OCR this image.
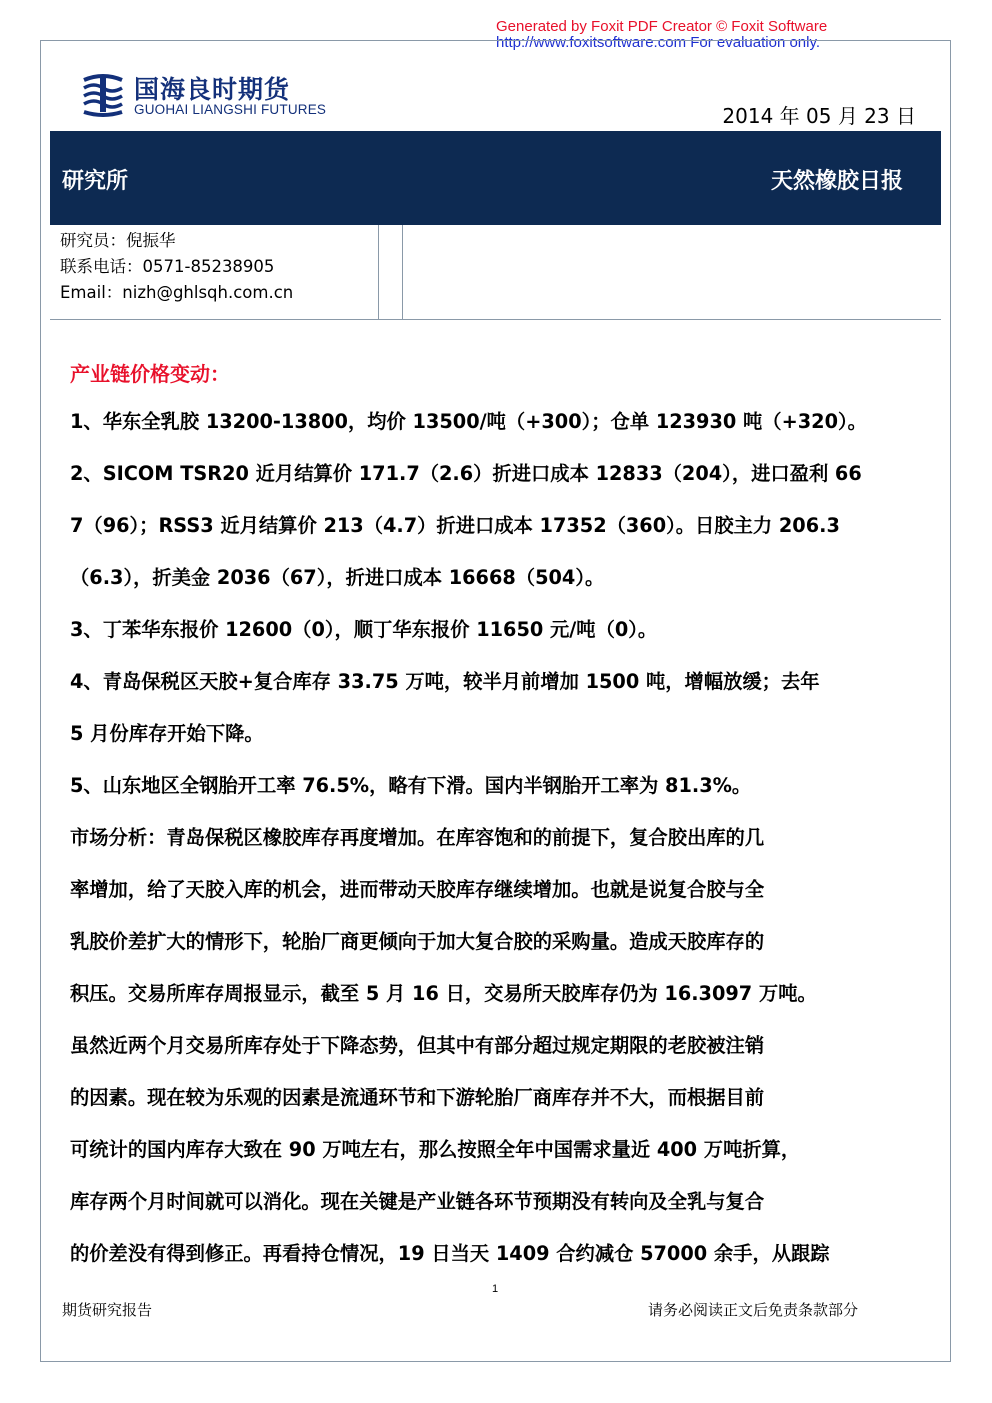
Generated by Foxit PDF Creator © Foxit Software
http://www.foxitsoftware.com For evaluation only.
国海良时期货
GUOHAI LIANGSHI FUTURES	2014 年 05 月 23 日
研究所	天然橡胶日报
研究员：倪振华
联系电话：0571-85238905
Email：nizh@ghlsqh.com.cn
产业链价格变动：
1、华东全乳胶 13200-13800，均价 13500/吨（+300）；仓单 123930 吨（+320）。
2、SICOM TSR20 近月结算价 171.7（2.6）折进口成本 12833（204），进口盈利 66
7（96）；RSS3 近月结算价 213（4.7）折进口成本 17352（360）。日胶主力 206.3
（6.3），折美金 2036（67），折进口成本 16668（504）。
3、丁苯华东报价 12600（0），顺丁华东报价 11650 元/吨（0）。
4、青岛保税区天胶+复合库存 33.75 万吨，较半月前增加 1500 吨，增幅放缓；去年
5 月份库存开始下降。
5、山东地区全钢胎开工率 76.5%，略有下滑。国内半钢胎开工率为 81.3%。
市场分析：青岛保税区橡胶库存再度增加。在库容饱和的前提下，复合胶出库的几
率增加，给了天胶入库的机会，进而带动天胶库存继续增加。也就是说复合胶与全
乳胶价差扩大的情形下，轮胎厂商更倾向于加大复合胶的采购量。造成天胶库存的
积压。交易所库存周报显示，截至 5 月 16 日，交易所天胶库存仍为 16.3097 万吨。
虽然近两个月交易所库存处于下降态势，但其中有部分超过规定期限的老胶被注销
的因素。现在较为乐观的因素是流通环节和下游轮胎厂商库存并不大，而根据目前
可统计的国内库存大致在 90 万吨左右，那么按照全年中国需求量近 400 万吨折算，
库存两个月时间就可以消化。现在关键是产业链各环节预期没有转向及全乳与复合
的价差没有得到修正。再看持仓情况，19 日当天 1409 合约减仓 57000 余手，从跟踪
1
期货研究报告	请务必阅读正文后免责条款部分
